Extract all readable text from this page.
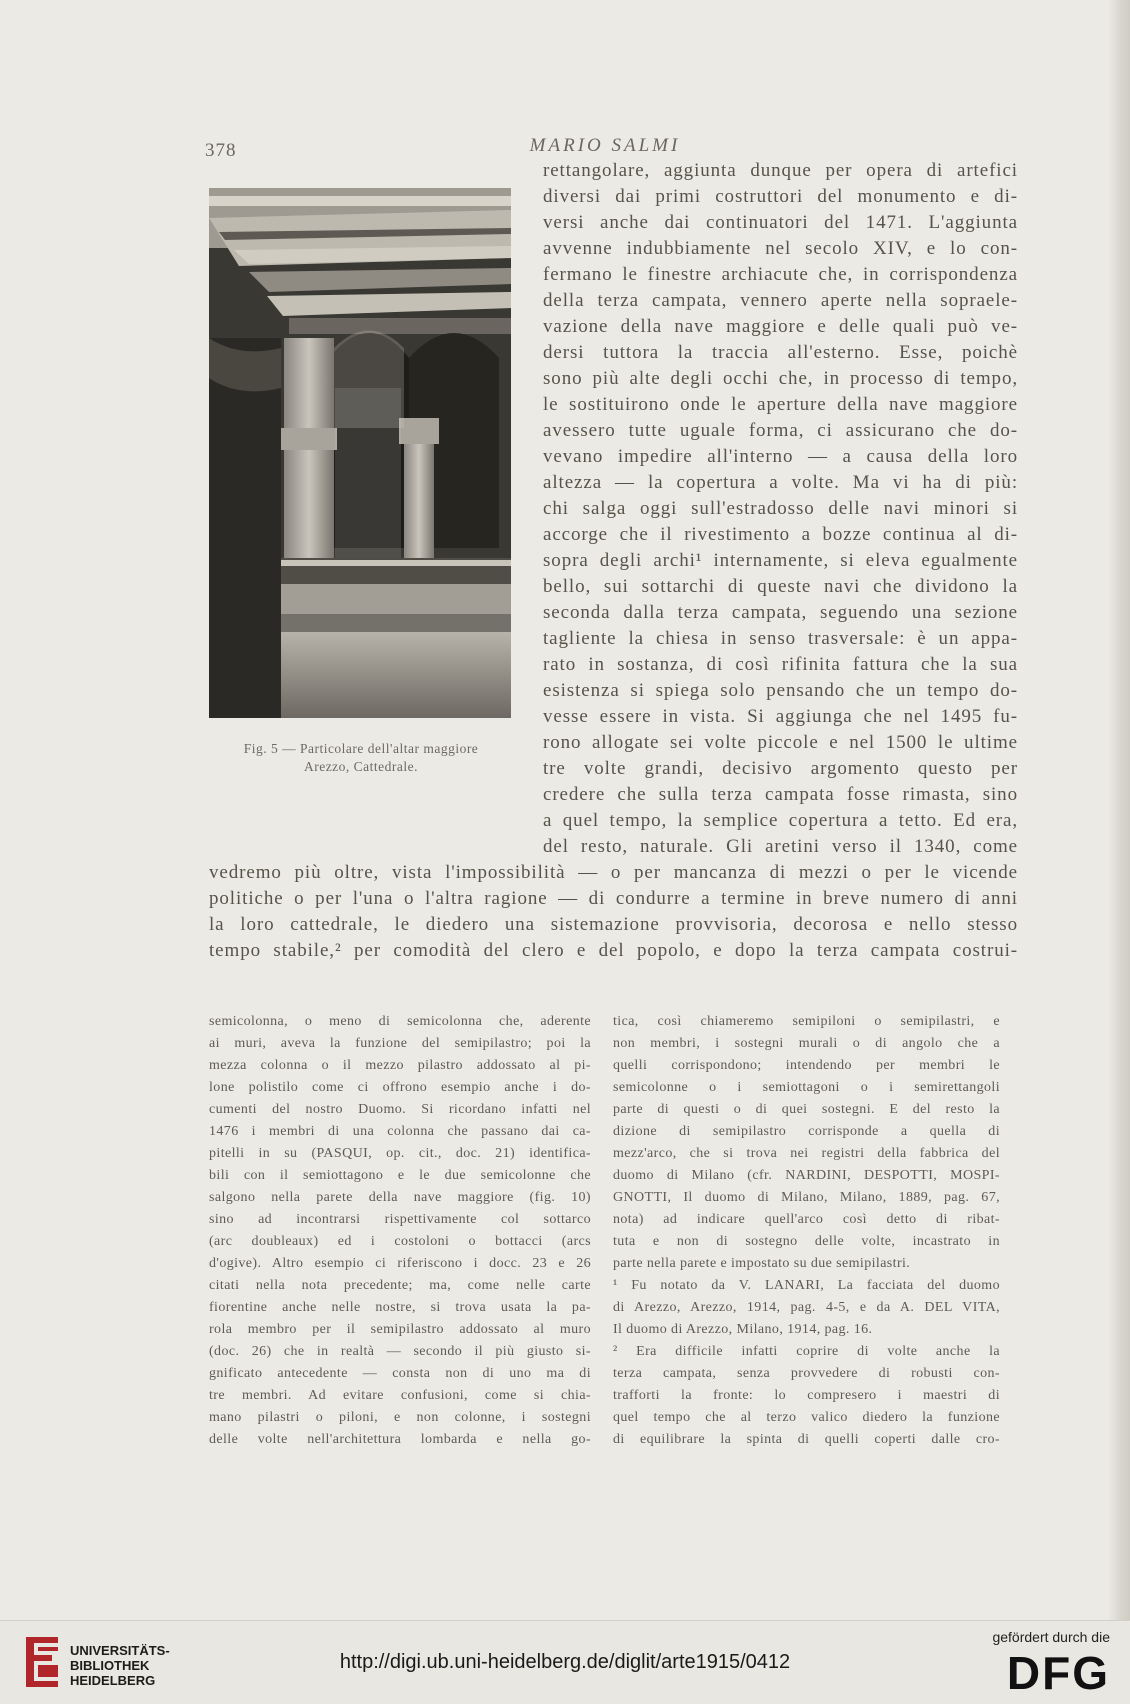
378	MARIO SALMI
Fig. 5 — Particolare dell'altar maggiore
Arezzo, Cattedrale.
rettangolare, aggiunta dunque per opera di artefici
diversi dai primi costruttori del monumento e di-
versi anche dai continuatori del 1471. L'aggiunta
avvenne indubbiamente nel secolo XIV, e lo con-
fermano le finestre archiacute che, in corrispondenza
della terza campata, vennero aperte nella sopraele-
vazione della nave maggiore e delle quali può ve-
dersi tuttora la traccia all'esterno. Esse, poichè
sono più alte degli occhi che, in processo di tempo,
le sostituirono onde le aperture della nave maggiore
avessero tutte uguale forma, ci assicurano che do-
vevano impedire all'interno — a causa della loro
altezza — la copertura a volte. Ma vi ha di più:
chi salga oggi sull'estradosso delle navi minori si
accorge che il rivestimento a bozze continua al di-
sopra degli archi¹ internamente, si eleva egualmente
bello, sui sottarchi di queste navi che dividono la
seconda dalla terza campata, seguendo una sezione
tagliente la chiesa in senso trasversale: è un appa-
rato in sostanza, di così rifinita fattura che la sua
esistenza si spiega solo pensando che un tempo do-
vesse essere in vista. Si aggiunga che nel 1495 fu-
rono allogate sei volte piccole e nel 1500 le ultime
tre volte grandi, decisivo argomento questo per
credere che sulla terza campata fosse rimasta, sino
a quel tempo, la semplice copertura a tetto. Ed era,
del resto, naturale. Gli aretini verso il 1340, come
vedremo più oltre, vista l'impossibilità — o per mancanza di mezzi o per le vicende
politiche o per l'una o l'altra ragione — di condurre a termine in breve numero di anni
la loro cattedrale, le diedero una sistemazione provvisoria, decorosa e nello stesso
tempo stabile,² per comodità del clero e del popolo, e dopo la terza campata costrui-
semicolonna, o meno di semicolonna che, aderente
ai muri, aveva la funzione del semipilastro; poi la
mezza colonna o il mezzo pilastro addossato al pi-
lone polistilo come ci offrono esempio anche i do-
cumenti del nostro Duomo. Si ricordano infatti nel
1476 i membri di una colonna che passano dai ca-
pitelli in su (PASQUI, op. cit., doc. 21) identifica-
bili con il semiottagono e le due semicolonne che
salgono nella parete della nave maggiore (fig. 10)
sino ad incontrarsi rispettivamente col sottarco
(arc doubleaux) ed i costoloni o bottacci (arcs
d'ogive). Altro esempio ci riferiscono i docc. 23 e 26
citati nella nota precedente; ma, come nelle carte
fiorentine anche nelle nostre, si trova usata la pa-
rola membro per il semipilastro addossato al muro
(doc. 26) che in realtà — secondo il più giusto si-
gnificato antecedente — consta non di uno ma di
tre membri. Ad evitare confusioni, come si chia-
mano pilastri o piloni, e non colonne, i sostegni
delle volte nell'architettura lombarda e nella go-
tica, così chiameremo semipiloni o semipilastri, e
non membri, i sostegni murali o di angolo che a
quelli corrispondono; intendendo per membri le
semicolonne o i semiottagoni o i semirettangoli
parte di questi o di quei sostegni. E del resto la
dizione di semipilastro corrisponde a quella di
mezz'arco, che si trova nei registri della fabbrica del
duomo di Milano (cfr. NARDINI, DESPOTTI, MOSPI-
GNOTTI, Il duomo di Milano, Milano, 1889, pag. 67,
nota) ad indicare quell'arco così detto di ribat-
tuta e non di sostegno delle volte, incastrato in
parte nella parete e impostato su due semipilastri.
¹ Fu notato da V. LANARI, La facciata del duomo
di Arezzo, Arezzo, 1914, pag. 4-5, e da A. DEL VITA,
Il duomo di Arezzo, Milano, 1914, pag. 16.
² Era difficile infatti coprire di volte anche la
terza campata, senza provvedere di robusti con-
trafforti la fronte: lo compresero i maestri di
quel tempo che al terzo valico diedero la funzione
di equilibrare la spinta di quelli coperti dalle cro-
UNIVERSITÄTS-
BIBLIOTHEK
HEIDELBERG
http://digi.ub.uni-heidelberg.de/diglit/arte1915/0412
gefördert durch die
DFG
